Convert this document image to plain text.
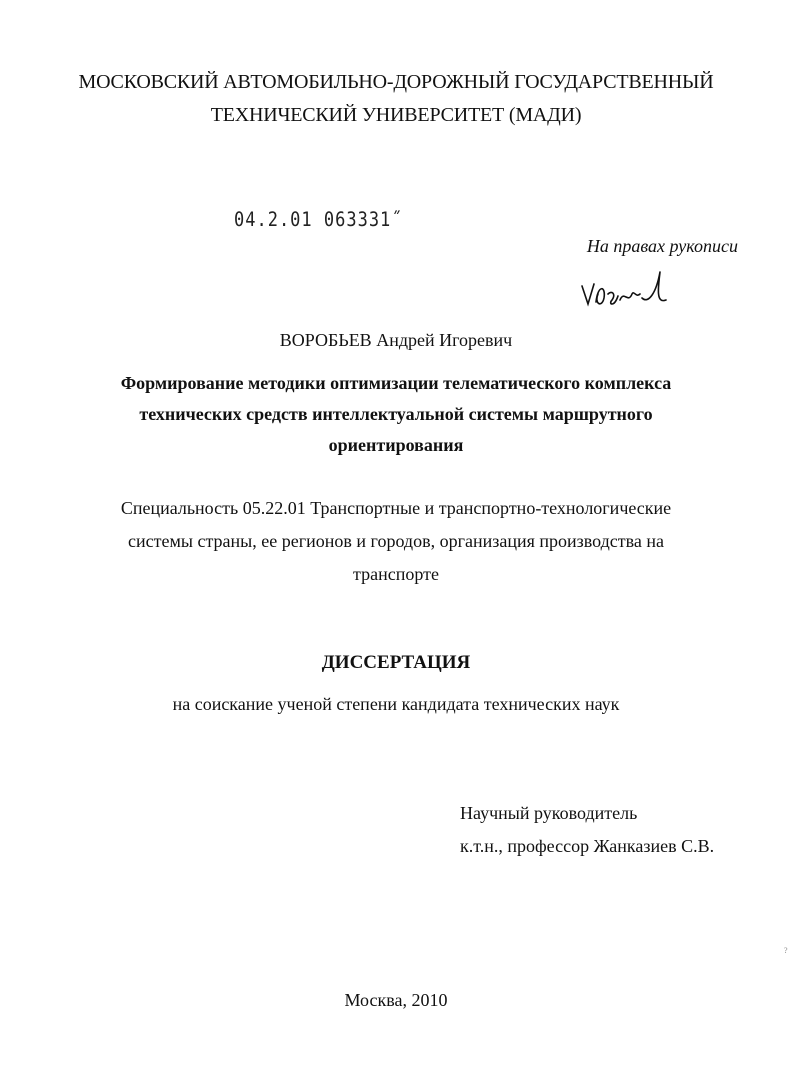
МОСКОВСКИЙ АВТОМОБИЛЬНО-ДОРОЖНЫЙ ГОСУДАРСТВЕННЫЙ
ТЕХНИЧЕСКИЙ УНИВЕРСИТЕТ (МАДИ)
04.2.01 063331˝
На правах рукописи
ВОРОБЬЕВ Андрей Игоревич
Формирование методики оптимизации телематического комплекса
технических средств интеллектуальной системы маршрутного
ориентирования
Специальность 05.22.01 Транспортные и транспортно-технологические
системы страны, ее регионов и городов, организация производства на
транспорте
ДИССЕРТАЦИЯ
на соискание ученой степени кандидата технических наук
Научный руководитель
к.т.н., профессор Жанказиев С.В.
Москва, 2010
?
